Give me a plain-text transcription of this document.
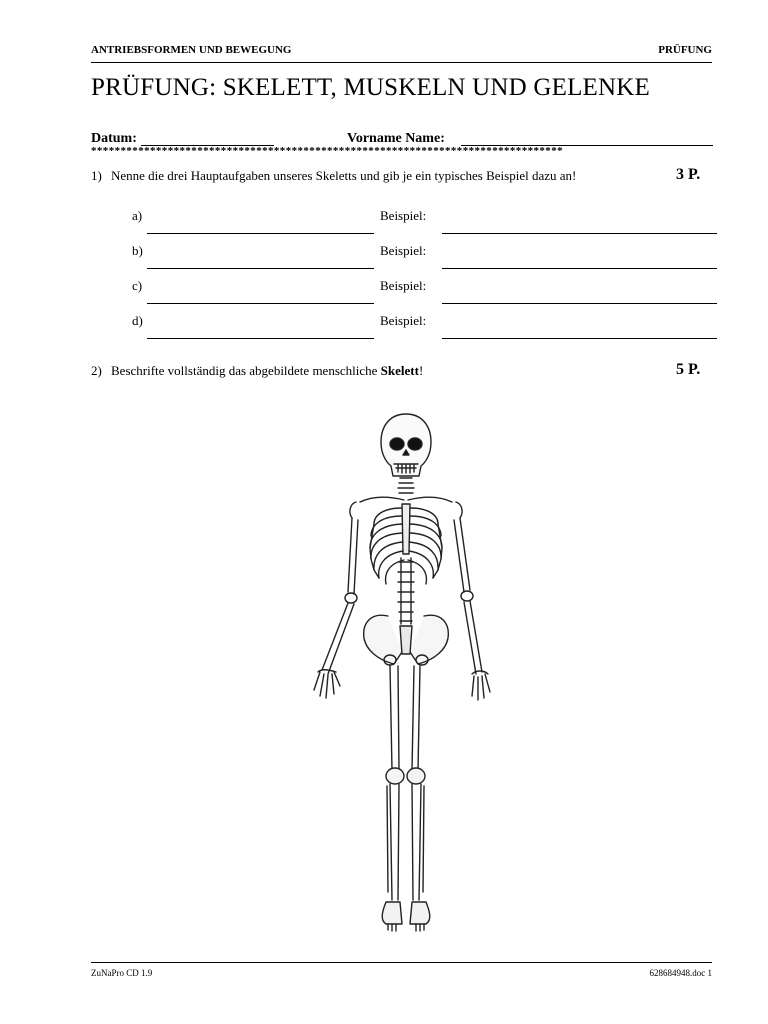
ANTRIEBSFORMEN UND BEWEGUNG	PRÜFUNG
PRÜFUNG: SKELETT, MUSKELN UND GELENKE
Datum:	Vorname Name:
********************************************************************************
1) Nenne die drei Hauptaufgaben unseres Skeletts und gib je ein typisches Beispiel dazu an!	3 P.
a)	Beispiel:
b)	Beispiel:
c)	Beispiel:
d)	Beispiel:
2) Beschrifte vollständig das abgebildete menschliche Skelett!	5 P.
ZuNaPro CD 1.9	628684948.doc 1
